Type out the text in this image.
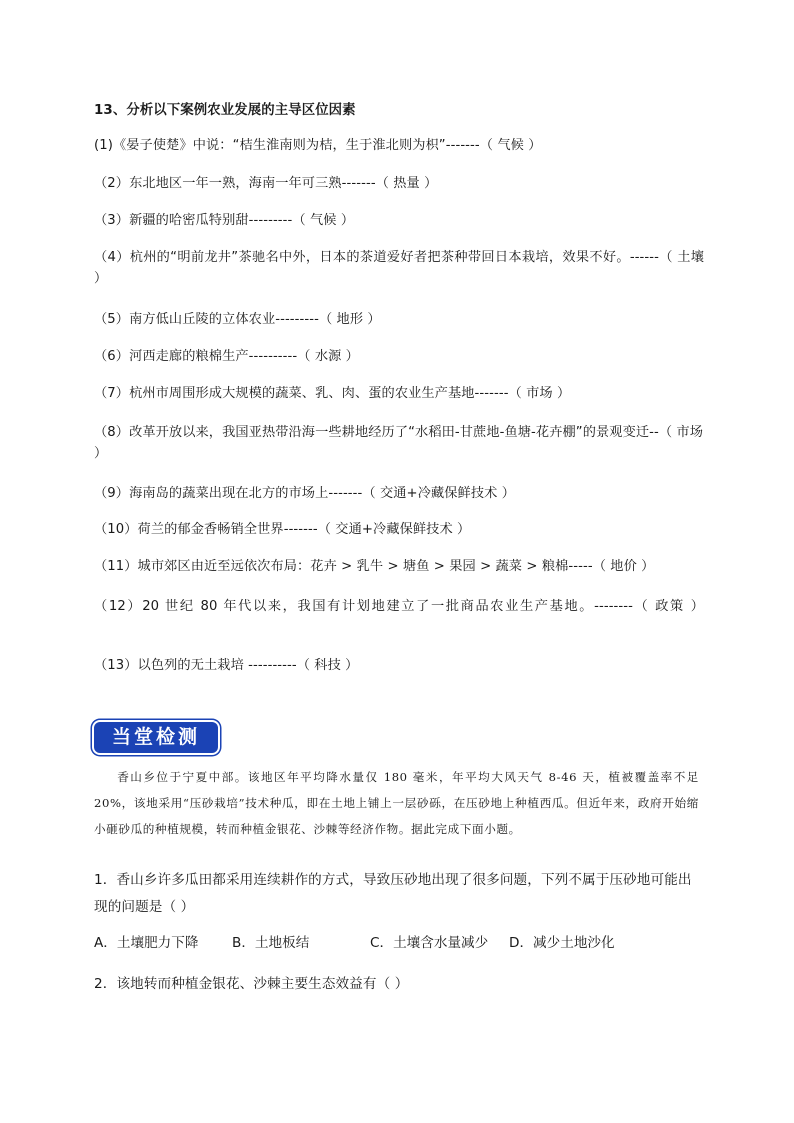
13、分析以下案例农业发展的主导区位因素
(1)《晏子使楚》中说：“桔生淮南则为桔，生于淮北则为枳”-------（ 气候 ）
（2）东北地区一年一熟，海南一年可三熟-------（ 热量 ）
（3）新疆的哈密瓜特别甜---------（ 气候 ）
（4）杭州的“明前龙井”茶驰名中外，日本的茶道爱好者把茶种带回日本栽培，效果不好。------（ 土壤 ）
（5）南方低山丘陵的立体农业---------（ 地形 ）
（6）河西走廊的粮棉生产----------（ 水源 ）
（7）杭州市周围形成大规模的蔬菜、乳、肉、蛋的农业生产基地-------（ 市场 ）
（8）改革开放以来，我国亚热带沿海一些耕地经历了“水稻田-甘蔗地-鱼塘-花卉棚”的景观变迁--（ 市场 ）
（9）海南岛的蔬菜出现在北方的市场上-------（ 交通+冷藏保鲜技术 ）
（10）荷兰的郁金香畅销全世界-------（ 交通+冷藏保鲜技术 ）
（11）城市郊区由近至远依次布局：花卉 > 乳牛 > 塘鱼 > 果园 > 蔬菜 > 粮棉-----（ 地价 ）
（12）20 世纪 80 年代以来，我国有计划地建立了一批商品农业生产基地。--------（ 政策 ）
（13）以色列的无土栽培 ----------（ 科技 ）
当堂检测
香山乡位于宁夏中部。该地区年平均降水量仅 180 毫米，年平均大风天气 8-46 天，植被覆盖率不足 20%，该地采用“压砂栽培”技术种瓜，即在土地上铺上一层砂砾，在压砂地上种植西瓜。但近年来，政府开始缩小砸砂瓜的种植规模，转而种植金银花、沙棘等经济作物。据此完成下面小题。
1．香山乡许多瓜田都采用连续耕作的方式，导致压砂地出现了很多问题，下列不属于压砂地可能出现的问题是（ ）
A．土壤肥力下降 B．土地板结	C．土壤含水量减少 D．减少土地沙化
2．该地转而种植金银花、沙棘主要生态效益有（ ）
